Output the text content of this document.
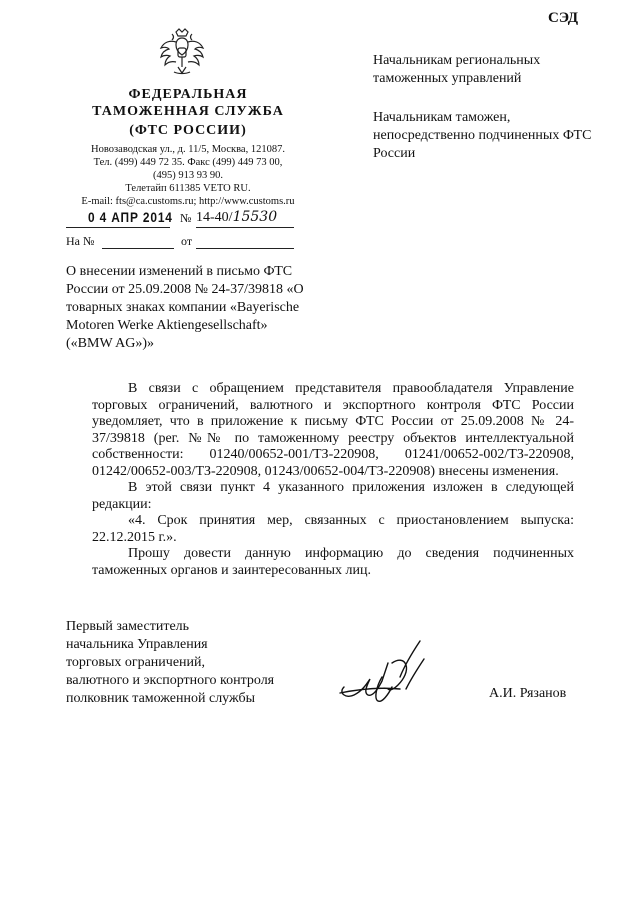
СЭД
ФЕДЕРАЛЬНАЯ
ТАМОЖЕННАЯ СЛУЖБА
(ФТС РОССИИ)
Новозаводская ул., д. 11/5, Москва, 121087.
Тел. (499) 449 72 35. Факс (499) 449 73 00,
(495) 913 93 90.
Телетайп 611385 VETO RU.
E-mail: fts@ca.customs.ru; http://www.customs.ru
0 4 АПР 2014 № 14-40/15530
На №	от
Начальникам региональных таможенных управлений
Начальникам таможен, непосредственно подчиненных ФТС России
О внесении изменений в письмо ФТС России от 25.09.2008 № 24-37/39818 «О товарных знаках компании «Bayerische Motoren Werke Aktiengesellschaft» («BMW AG»)»

В связи с обращением представителя правообладателя Управление торговых ограничений, валютного и экспортного контроля ФТС России уведомляет, что в приложение к письму ФТС России от 25.09.2008 № 24-37/39818 (рег. №№ по таможенному реестру объектов интеллектуальной собственности: 01240/00652-001/ТЗ-220908, 01241/00652-002/ТЗ-220908, 01242/00652-003/ТЗ-220908, 01243/00652-004/ТЗ-220908) внесены изменения.

В этой связи пункт 4 указанного приложения изложен в следующей редакции:

«4. Срок принятия мер, связанных с приостановлением выпуска: 22.12.2015 г.».

Прошу довести данную информацию до сведения подчиненных таможенных органов и заинтересованных лиц.

Первый заместитель
начальника Управления
торговых ограничений,
валютного и экспортного контроля
полковник таможенной службы	А.И. Рязанов
